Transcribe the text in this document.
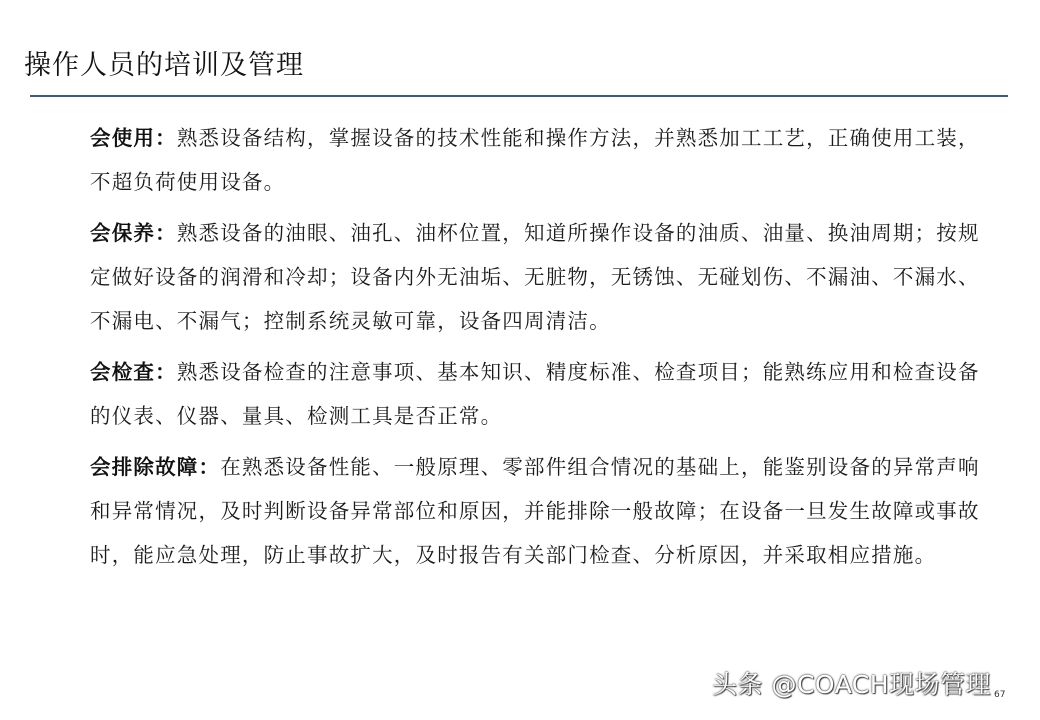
操作人员的培训及管理

会使用：熟悉设备结构，掌握设备的技术性能和操作方法，并熟悉加工工艺，正确使用工装，不超负荷使用设备。

会保养：熟悉设备的油眼、油孔、油杯位置，知道所操作设备的油质、油量、换油周期；按规定做好设备的润滑和冷却；设备内外无油垢、无脏物，无锈蚀、无碰划伤、不漏油、不漏水、不漏电、不漏气；控制系统灵敏可靠，设备四周清洁。

会检查：熟悉设备检查的注意事项、基本知识、精度标准、检查项目；能熟练应用和检查设备的仪表、仪器、量具、检测工具是否正常。

会排除故障：在熟悉设备性能、一般原理、零部件组合情况的基础上，能鉴别设备的异常声响和异常情况，及时判断设备异常部位和原因，并能排除一般故障；在设备一旦发生故障或事故时，能应急处理，防止事故扩大，及时报告有关部门检查、分析原因，并采取相应措施。

67
头条 @COACH现场管理
